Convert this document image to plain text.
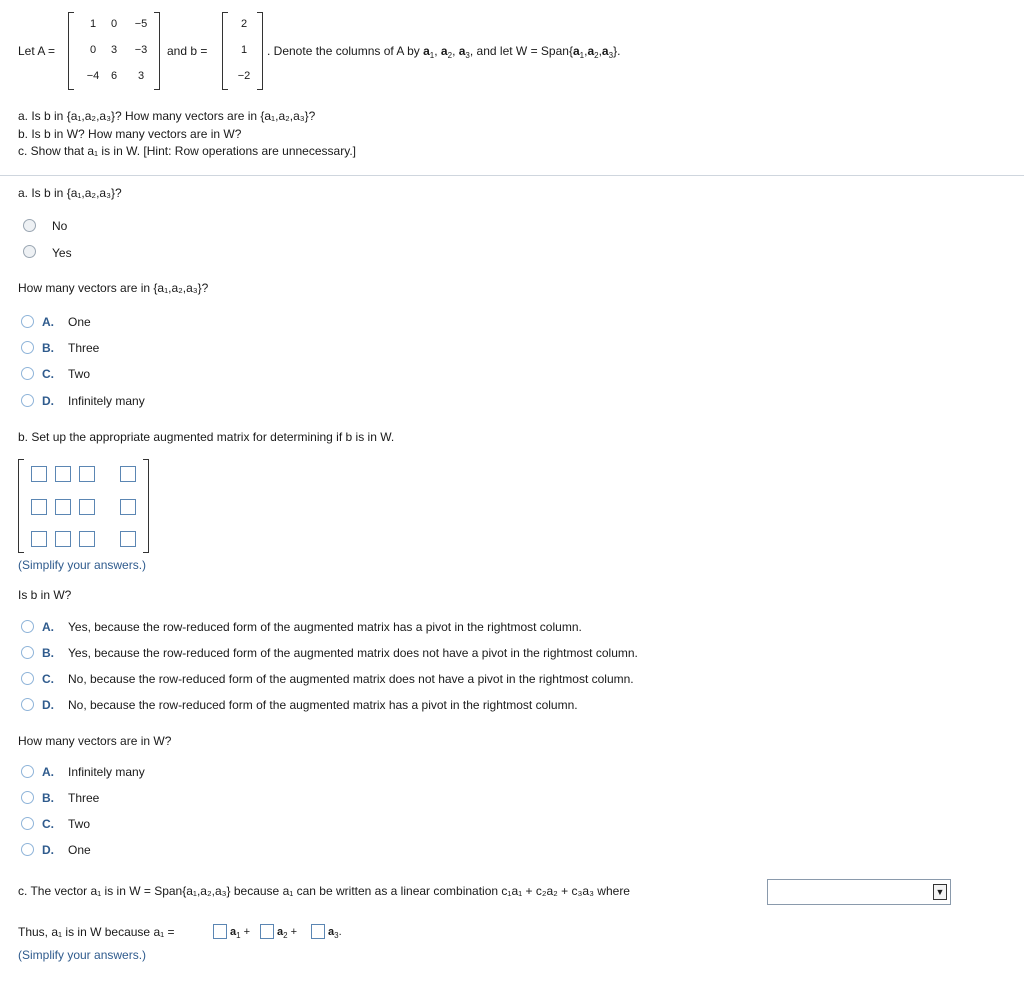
Let A =
1	0	−5
0	3	−3
−4	6	3
and b =
2
1
−2
. Denote the columns of A by $a_1$, $a_2$, $a_3$, and let $W = Span\{a_1,a_2,a_3\}$.
a. Is b in {a₁,a₂,a₃}? How many vectors are in {a₁,a₂,a₃}?
b. Is b in W? How many vectors are in W?
c. Show that a₁ is in W. [Hint: Row operations are unnecessary.]
a. Is b in {a₁,a₂,a₃}?
No
Yes
How many vectors are in {a₁,a₂,a₃}?
A. One
B. Three
C. Two
D. Infinitely many
b. Set up the appropriate augmented matrix for determining if b is in W.
(Simplify your answers.)
Is b in W?
A. Yes, because the row-reduced form of the augmented matrix has a pivot in the rightmost column.
B. Yes, because the row-reduced form of the augmented matrix does not have a pivot in the rightmost column.
C. No, because the row-reduced form of the augmented matrix does not have a pivot in the rightmost column.
D. No, because the row-reduced form of the augmented matrix has a pivot in the rightmost column.
How many vectors are in W?
A. Infinitely many
B. Three
C. Two
D. One
c. The vector a₁ is in W = Span{a₁,a₂,a₃} because a₁ can be written as a linear combination c₁a₁ + c₂a₂ + c₃a₃ where	▼
Thus, a₁ is in W because a₁ =	$a_1 + a_2$ +	$a_3$.
(Simplify your answers.)
